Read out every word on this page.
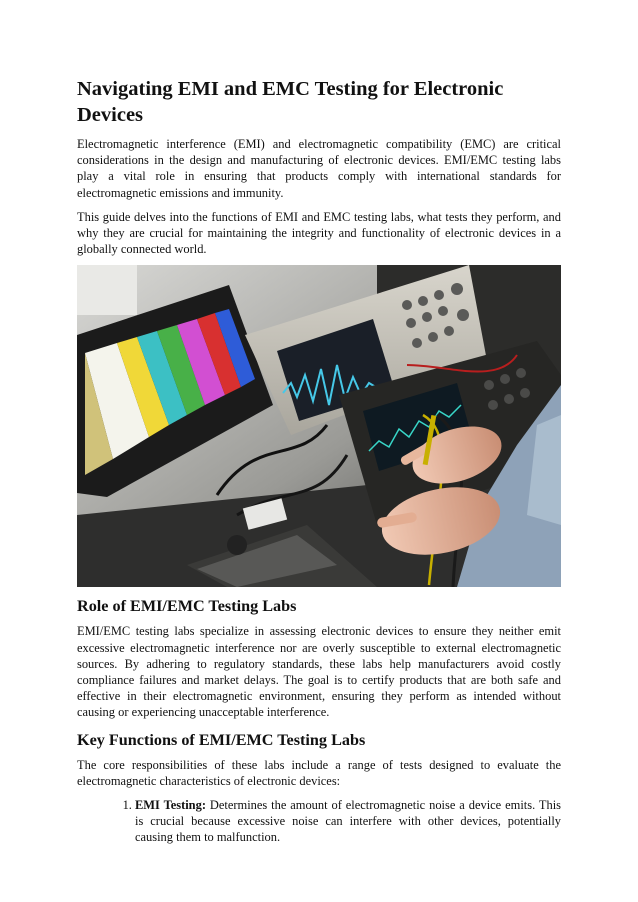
Navigating EMI and EMC Testing for Electronic Devices

Electromagnetic interference (EMI) and electromagnetic compatibility (EMC) are critical considerations in the design and manufacturing of electronic devices. EMI/EMC testing labs play a vital role in ensuring that products comply with international standards for electromagnetic emissions and immunity.

This guide delves into the functions of EMI and EMC testing labs, what tests they perform, and why they are crucial for maintaining the integrity and functionality of electronic devices in a globally connected world.

Role of EMI/EMC Testing Labs

EMI/EMC testing labs specialize in assessing electronic devices to ensure they neither emit excessive electromagnetic interference nor are overly susceptible to external electromagnetic sources. By adhering to regulatory standards, these labs help manufacturers avoid costly compliance failures and market delays. The goal is to certify products that are both safe and effective in their electromagnetic environment, ensuring they perform as intended without causing or experiencing unacceptable interference.

Key Functions of EMI/EMC Testing Labs

The core responsibilities of these labs include a range of tests designed to evaluate the electromagnetic characteristics of electronic devices:

1. EMI Testing: Determines the amount of electromagnetic noise a device emits. This is crucial because excessive noise can interfere with other devices, potentially causing them to malfunction.
